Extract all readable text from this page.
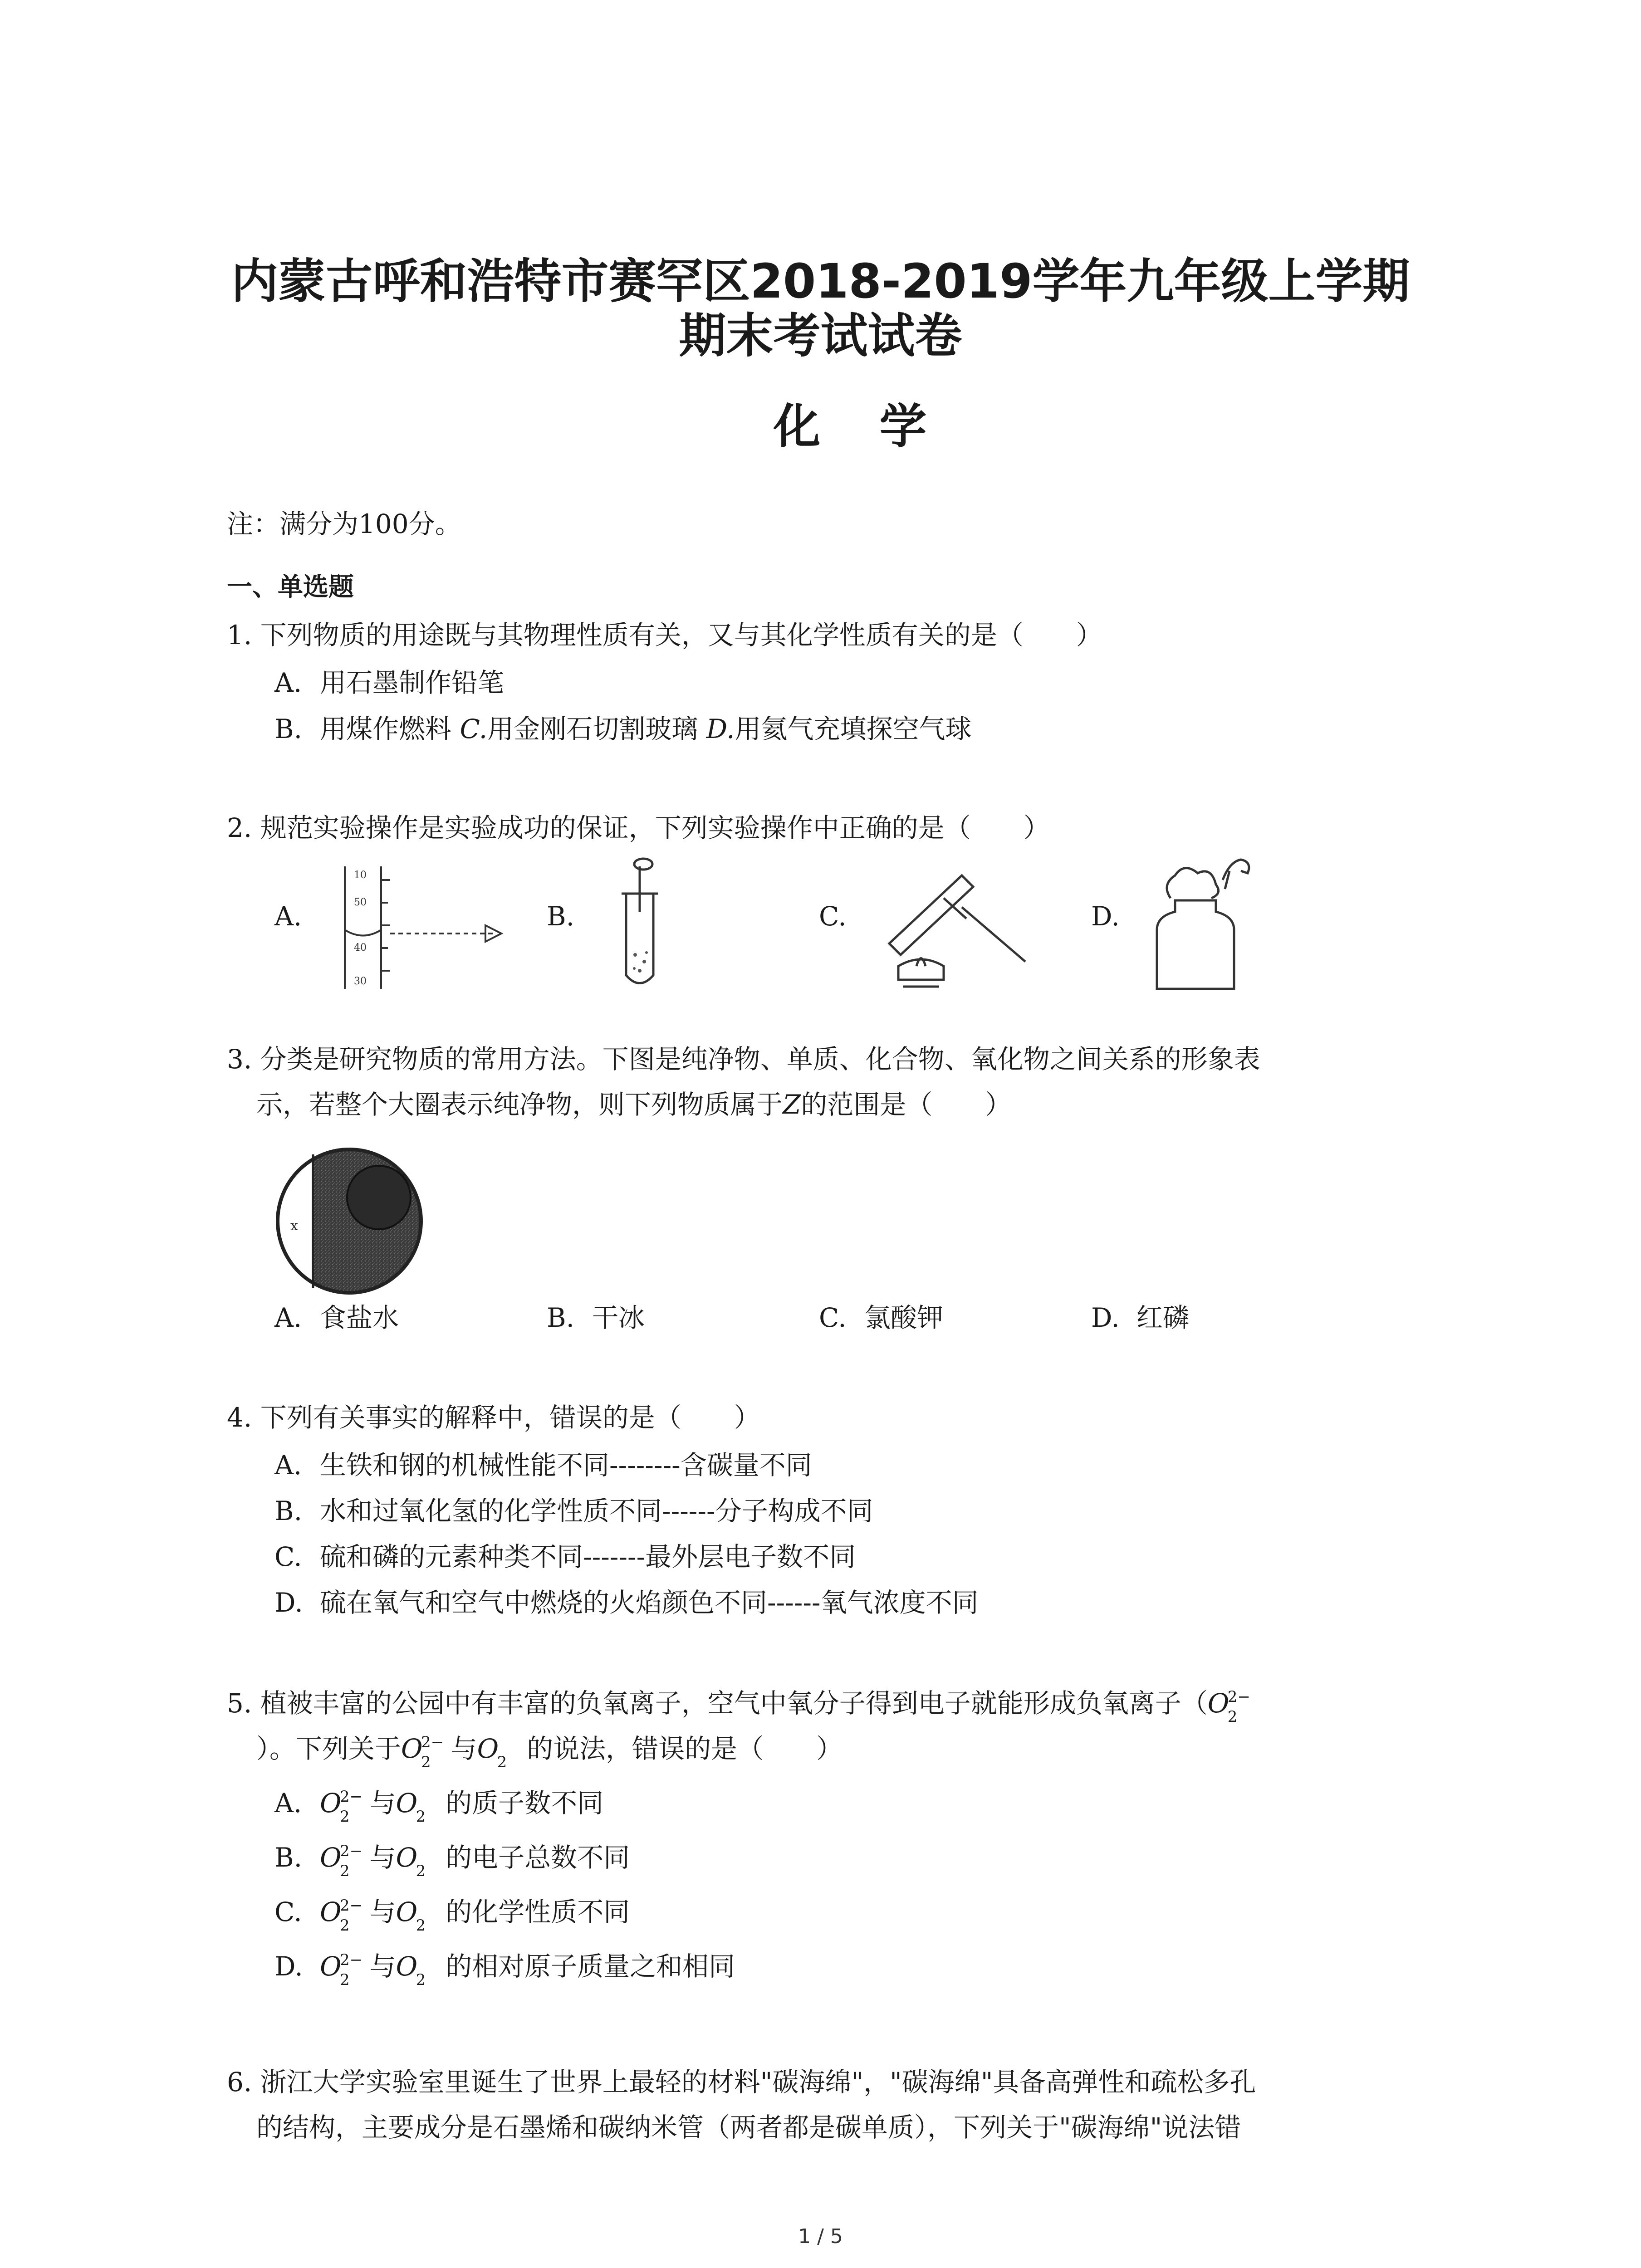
内蒙古呼和浩特市赛罕区2018-2019学年九年级上学期
期末考试试卷
化学
注：满分为100分。
一、单选题
1. 下列物质的用途既与其物理性质有关，又与其化学性质有关的是（　　）
A. 用石墨制作铅笔
B. 用煤作燃料 C.用金刚石切割玻璃 D.用氦气充填探空气球
2. 规范实验操作是实验成功的保证，下列实验操作中正确的是（　　）
A.	B.	C.	D.
10
50
40
30
3. 分类是研究物质的常用方法。下图是纯净物、单质、化合物、氧化物之间关系的形象表
示，若整个大圈表示纯净物，则下列物质属于Z的范围是（　　）
x
A. 食盐水	B. 干冰	C. 氯酸钾	D. 红磷
4. 下列有关事实的解释中，错误的是（　　）
A. 生铁和钢的机械性能不同--------含碳量不同
B. 水和过氧化氢的化学性质不同------分子构成不同
C. 硫和磷的元素种类不同-------最外层电子数不同
D. 硫在氧气和空气中燃烧的火焰颜色不同------氧气浓度不同
5. 植被丰富的公园中有丰富的负氧离子，空气中氧分子得到电子就能形成负氧离子（O
2−
2
）。下列关于O
2−
2 与O
2 的说法，错误的是（　　）
A. O
2−
2 与O
2 的质子数不同
B. O
2−
2 与O
2 的电子总数不同
C. O
2−
2 与O
2 的化学性质不同
D. O
2−
2 与O
2 的相对原子质量之和相同
6. 浙江大学实验室里诞生了世界上最轻的材料"碳海绵"，"碳海绵"具备高弹性和疏松多孔
的结构，主要成分是石墨烯和碳纳米管（两者都是碳单质），下列关于"碳海绵"说法错
1 / 5
